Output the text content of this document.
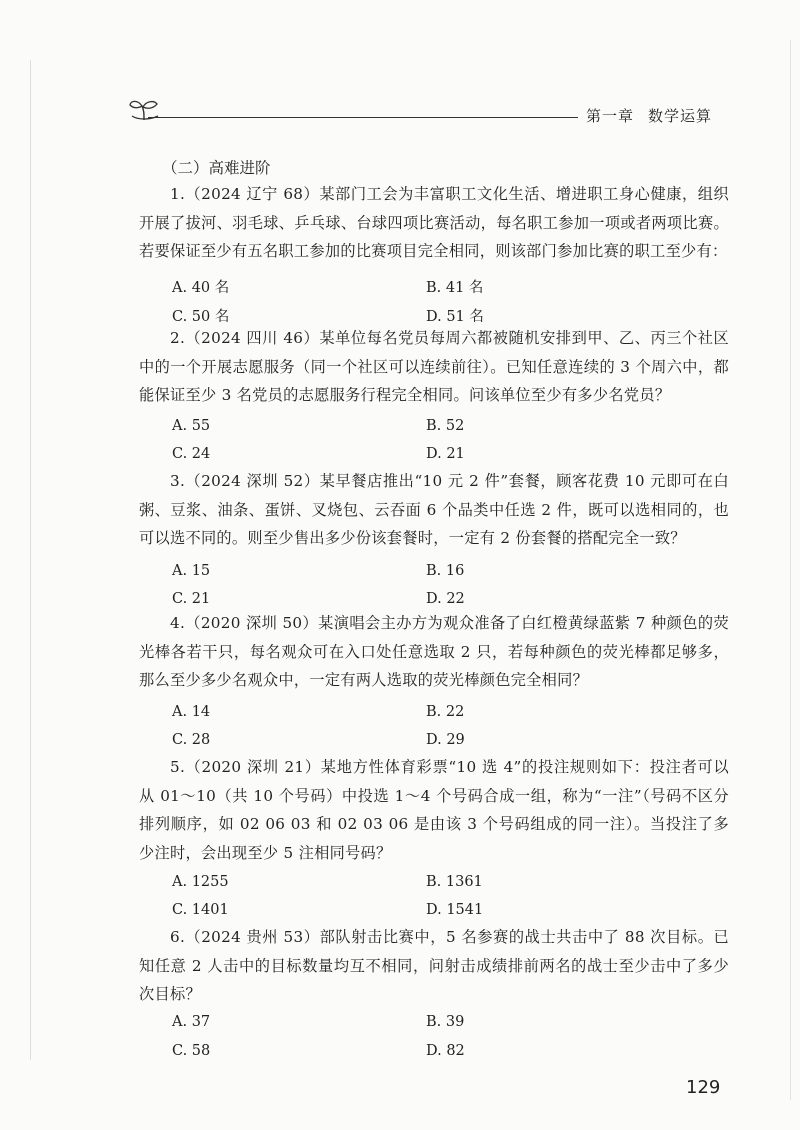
第一章 数学运算
（二）高难进阶
1.（2024 辽宁 68）某部门工会为丰富职工文化生活、增进职工身心健康，组织开展了拔河、羽毛球、乒乓球、台球四项比赛活动，每名职工参加一项或者两项比赛。若要保证至少有五名职工参加的比赛项目完全相同，则该部门参加比赛的职工至少有：
A. 40 名	B. 41 名
C. 50 名	D. 51 名
2.（2024 四川 46）某单位每名党员每周六都被随机安排到甲、乙、丙三个社区中的一个开展志愿服务（同一个社区可以连续前往）。已知任意连续的 3 个周六中，都能保证至少 3 名党员的志愿服务行程完全相同。问该单位至少有多少名党员？
A. 55	B. 52
C. 24	D. 21
3.（2024 深圳 52）某早餐店推出“10 元 2 件”套餐，顾客花费 10 元即可在白粥、豆浆、油条、蛋饼、叉烧包、云吞面 6 个品类中任选 2 件，既可以选相同的，也可以选不同的。则至少售出多少份该套餐时，一定有 2 份套餐的搭配完全一致？
A. 15	B. 16
C. 21	D. 22
4.（2020 深圳 50）某演唱会主办方为观众准备了白红橙黄绿蓝紫 7 种颜色的荧光棒各若干只，每名观众可在入口处任意选取 2 只，若每种颜色的荧光棒都足够多，那么至少多少名观众中，一定有两人选取的荧光棒颜色完全相同？
A. 14	B. 22
C. 28	D. 29
5.（2020 深圳 21）某地方性体育彩票“10 选 4”的投注规则如下：投注者可以从 01～10（共 10 个号码）中投选 1～4 个号码合成一组，称为“一注”（号码不区分排列顺序，如 02 06 03 和 02 03 06 是由该 3 个号码组成的同一注）。当投注了多少注时，会出现至少 5 注相同号码？
A. 1255	B. 1361
C. 1401	D. 1541
6.（2024 贵州 53）部队射击比赛中，5 名参赛的战士共击中了 88 次目标。已知任意 2 人击中的目标数量均互不相同，问射击成绩排前两名的战士至少击中了多少次目标？
A. 37	B. 39
C. 58	D. 82
129
